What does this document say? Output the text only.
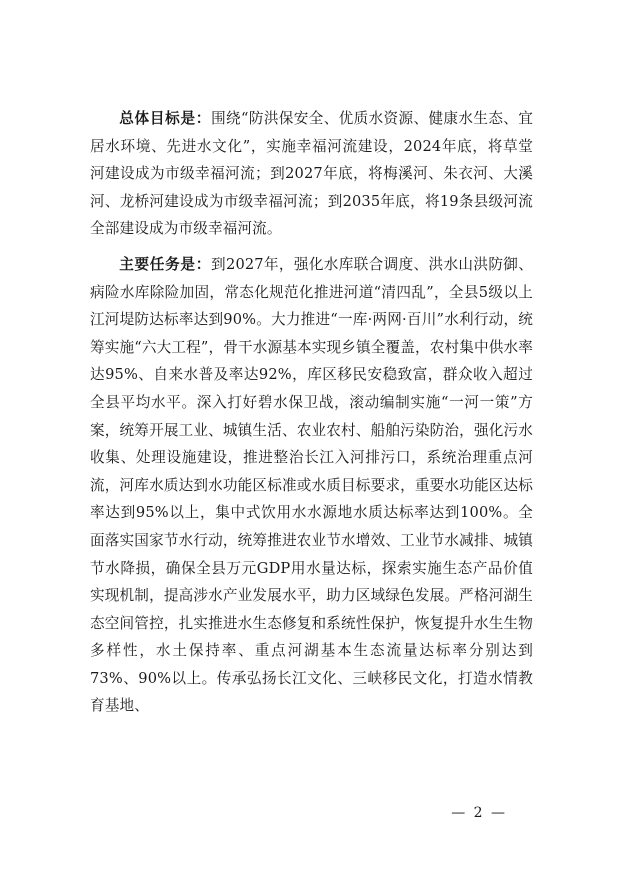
总体目标是：围绕“防洪保安全、优质水资源、健康水生态、宜居水环境、先进水文化”，实施幸福河流建设，2024年底，将草堂河建设成为市级幸福河流；到2027年底，将梅溪河、朱衣河、大溪河、龙桥河建设成为市级幸福河流；到2035年底，将19条县级河流全部建设成为市级幸福河流。

主要任务是：到2027年，强化水库联合调度、洪水山洪防御、病险水库除险加固，常态化规范化推进河道“清四乱”，全县5级以上江河堤防达标率达到90%。大力推进“一库·两网·百川”水利行动，统筹实施“六大工程”，骨干水源基本实现乡镇全覆盖，农村集中供水率达95%、自来水普及率达92%，库区移民安稳致富，群众收入超过全县平均水平。深入打好碧水保卫战，滚动编制实施“一河一策”方案，统筹开展工业、城镇生活、农业农村、船舶污染防治，强化污水收集、处理设施建设，推进整治长江入河排污口，系统治理重点河流，河库水质达到水功能区标准或水质目标要求，重要水功能区达标率达到95%以上，集中式饮用水水源地水质达标率达到100%。全面落实国家节水行动，统筹推进农业节水增效、工业节水减排、城镇节水降损，确保全县万元GDP用水量达标，探索实施生态产品价值实现机制，提高涉水产业发展水平，助力区域绿色发展。严格河湖生态空间管控，扎实推进水生态修复和系统性保护，恢复提升水生生物多样性，水土保持率、重点河湖基本生态流量达标率分别达到73%、90%以上。传承弘扬长江文化、三峡移民文化，打造水情教育基地、

— 2 —
